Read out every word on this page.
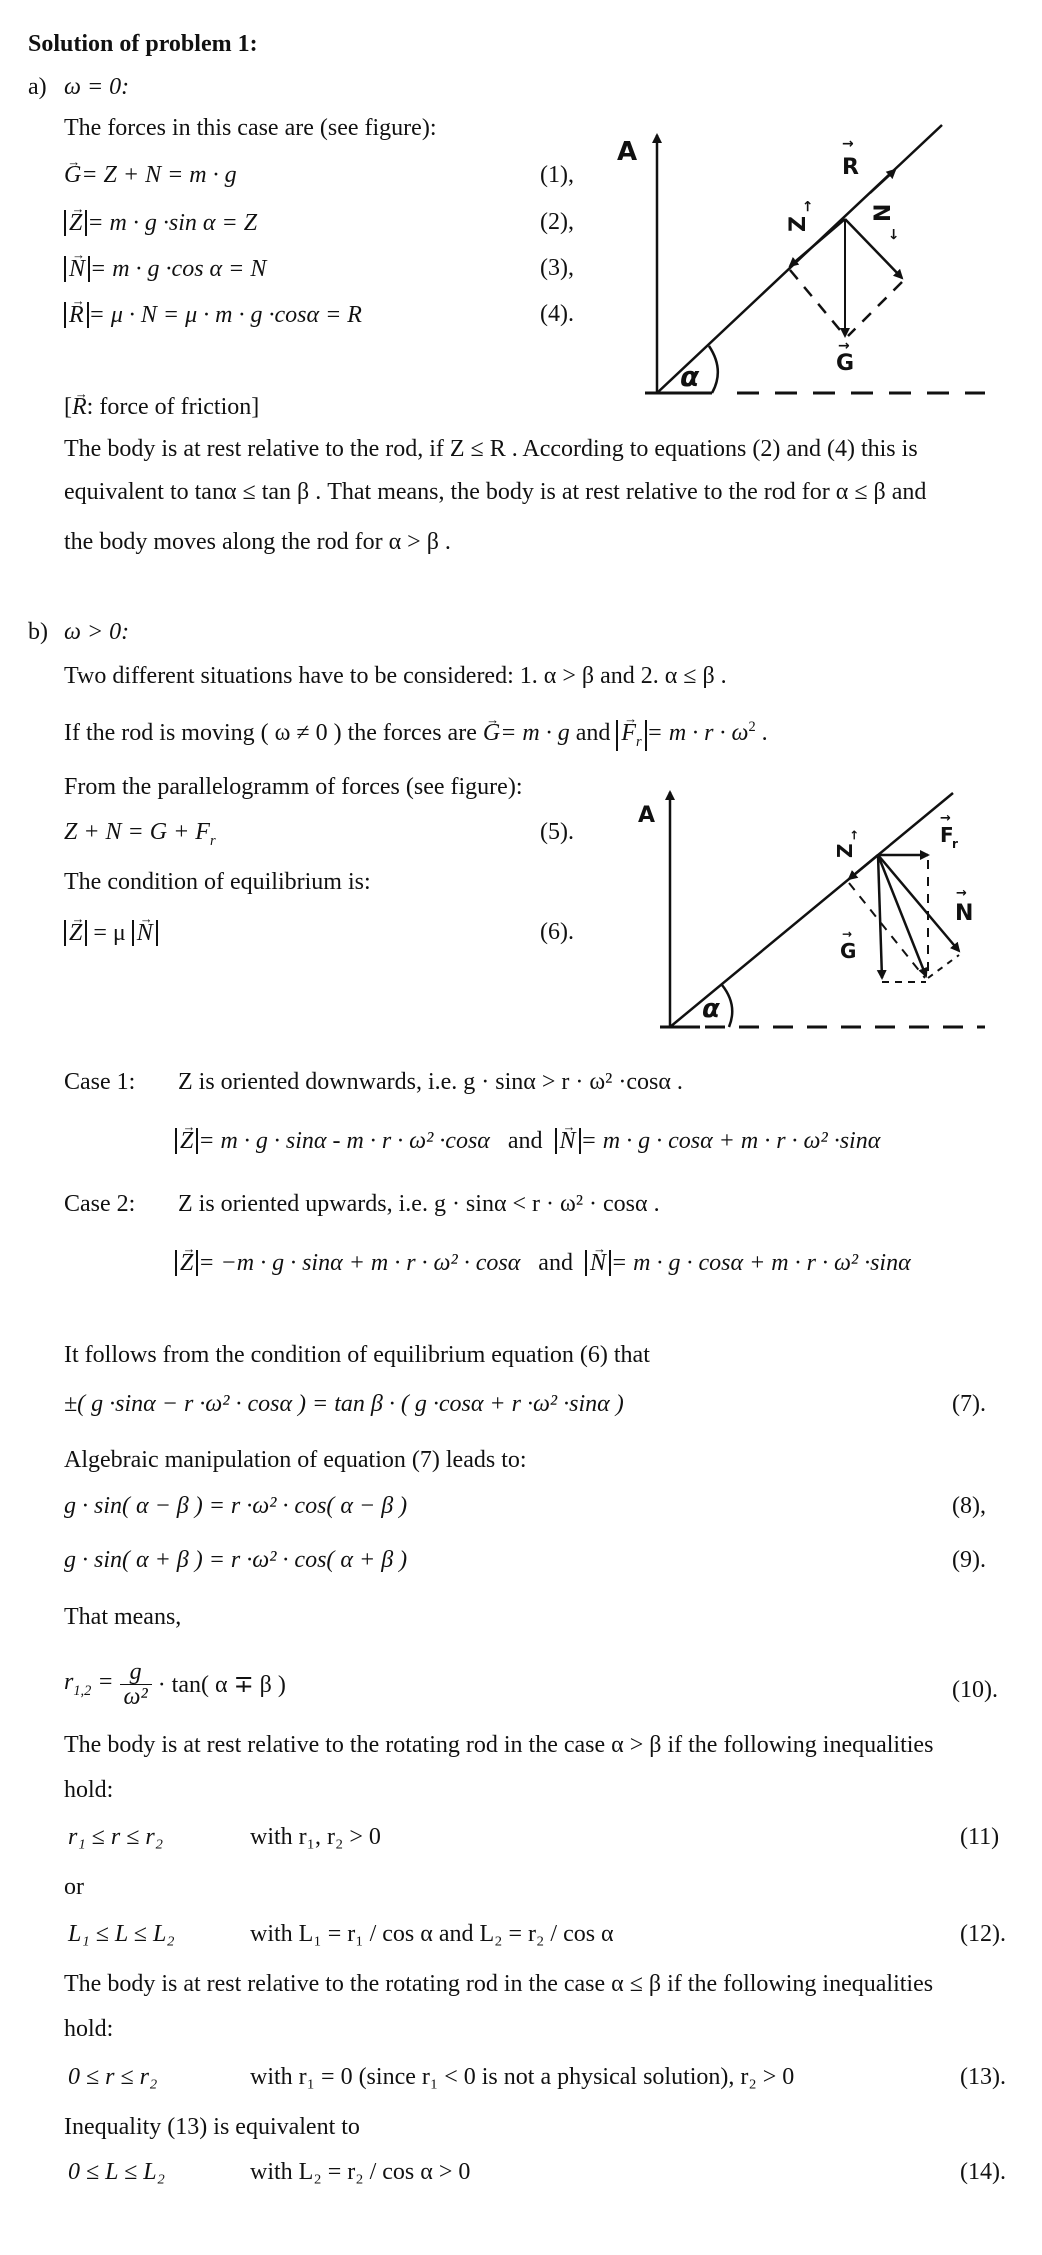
Solution of problem 1:
a) ω = 0:
The forces in this case are (see figure):
→ G= Z + N = m · g	(1),
→ Z = m · g ·sin α = Z	(2),
→ N = m · g ·cos α = N	(3),
→ R = μ · N = μ · m · g ·cosα = R	(4).
[→ R: force of friction]
The body is at rest relative to the rod, if Z ≤ R . According to equations (2) and (4) this is
equivalent to tanα ≤ tan β . That means, the body is at rest relative to the rod for α ≤ β and
the body moves along the rod for α > β .
A
α
R
→
Z
→	N
←
G
→
b) ω > 0:
Two different situations have to be considered: 1. α > β and 2. α ≤ β .
If the rod is moving ( ω ≠ 0 ) the forces are → G= m · g and → $F_r = m \cdot r \cdot \omega^2$ .
From the parallelogramm of forces (see figure):
$Z + N = G + F_r$	(5).
The condition of equilibrium is:
→ Z = μ → N	(6).
A
α
F
r
→
Z
→
G
→
N
→
Case 1: Z is oriented downwards, i.e. g · sinα > r · ω² ·cosα .
→ Z = m · g · sinα - m · r · ω² ·cosα and → N = m · g · cosα + m · r · ω² ·sinα
Case 2: Z is oriented upwards, i.e. g · sinα < r · ω² · cosα .
→ Z = −m · g · sinα + m · r · ω² · cosα and → N = m · g · cosα + m · r · ω² ·sinα
It follows from the condition of equilibrium equation (6) that
±( g ·sinα − r ·ω² · cosα ) = tan β · ( g ·cosα + r ·ω² ·sinα )	(7).
Algebraic manipulation of equation (7) leads to:
g · sin( α − β ) = r ·ω² · cos( α − β )	(8),
g · sin( α + β ) = r ·ω² · cos( α + β )	(9).
That means,
$r_{1,2} = \frac{g}{\text{ω²}} \cdot \tan$( α ∓ β )	(10).
The body is at rest relative to the rotating rod in the case α > β if the following inequalities
hold:
r₁ ≤ r ≤ r₂	with r₁, r₂ > 0	(11)
or
L₁ ≤ L ≤ L₂	with L₁ = r₁ / cos α and L₂ = r₂ / cos α	(12).
The body is at rest relative to the rotating rod in the case α ≤ β if the following inequalities
hold:
0 ≤ r ≤ r₂	with r₁ = 0 (since r₁ < 0 is not a physical solution), r₂ > 0	(13).
Inequality (13) is equivalent to
0 ≤ L ≤ L₂	with L₂ = r₂ / cos α > 0	(14).
